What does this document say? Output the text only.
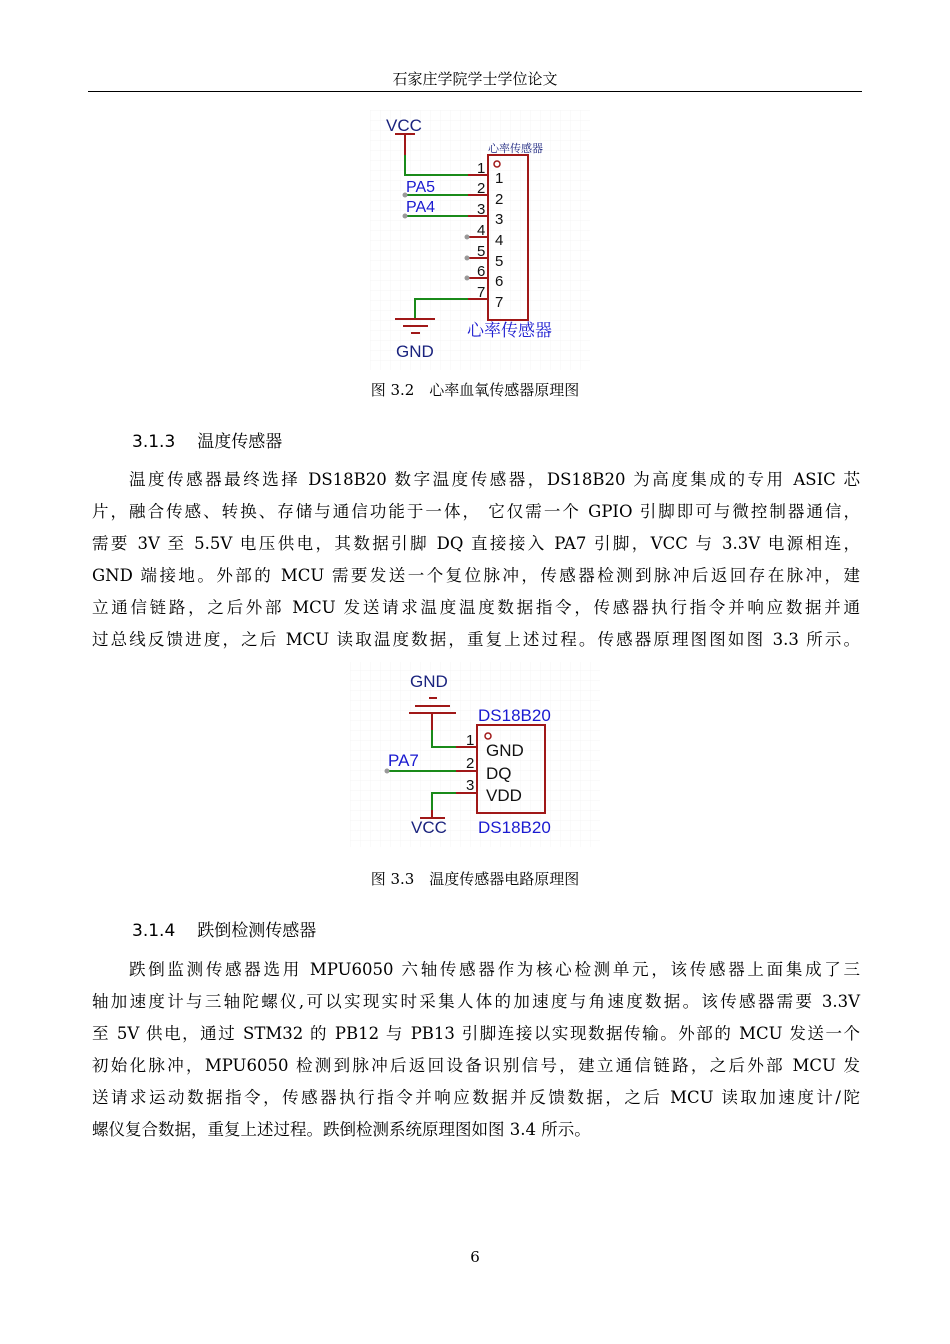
石家庄学院学士学位论文
VCC
PA5
PA4
1
1
2
2
3
3
4
4
5
5
6
6
7
7
GND
心率传感器
心率传感器
图 3.2　心率血氧传感器原理图
3.1.3 温度传感器
温度传感器最终选择 DS18B20 数字温度传感器，DS18B20 为高度集成的专用 ASIC 芯
片，融合传感、转换、存储与通信功能于一体， 它仅需一个 GPIO 引脚即可与微控制器通信，
需要 3V 至 5.5V 电压供电，其数据引脚 DQ 直接接入 PA7 引脚，VCC 与 3.3V 电源相连，
GND 端接地。外部的 MCU 需要发送一个复位脉冲，传感器检测到脉冲后返回存在脉冲，建
立通信链路，之后外部 MCU 发送请求温度温度数据指令，传感器执行指令并响应数据并通
过总线反馈进度，之后 MCU 读取温度数据，重复上述过程。传感器原理图图如图 3.3 所示。
GND
PA7
1
2
3
GND
DQ
VDD
DS18B20
VCC DS18B20
图 3.3　温度传感器电路原理图
3.1.4 跌倒检测传感器
跌倒监测传感器选用 MPU6050 六轴传感器作为核心检测单元，该传感器上面集成了三
轴加速度计与三轴陀螺仪,可以实现实时采集人体的加速度与角速度数据。该传感器需要 3.3V
至 5V 供电，通过 STM32 的 PB12 与 PB13 引脚连接以实现数据传输。外部的 MCU 发送一个
初始化脉冲，MPU6050 检测到脉冲后返回设备识别信号，建立通信链路，之后外部 MCU 发
送请求运动数据指令，传感器执行指令并响应数据并反馈数据，之后 MCU 读取加速度计/陀
螺仪复合数据，重复上述过程。跌倒检测系统原理图如图 3.4 所示。
6
